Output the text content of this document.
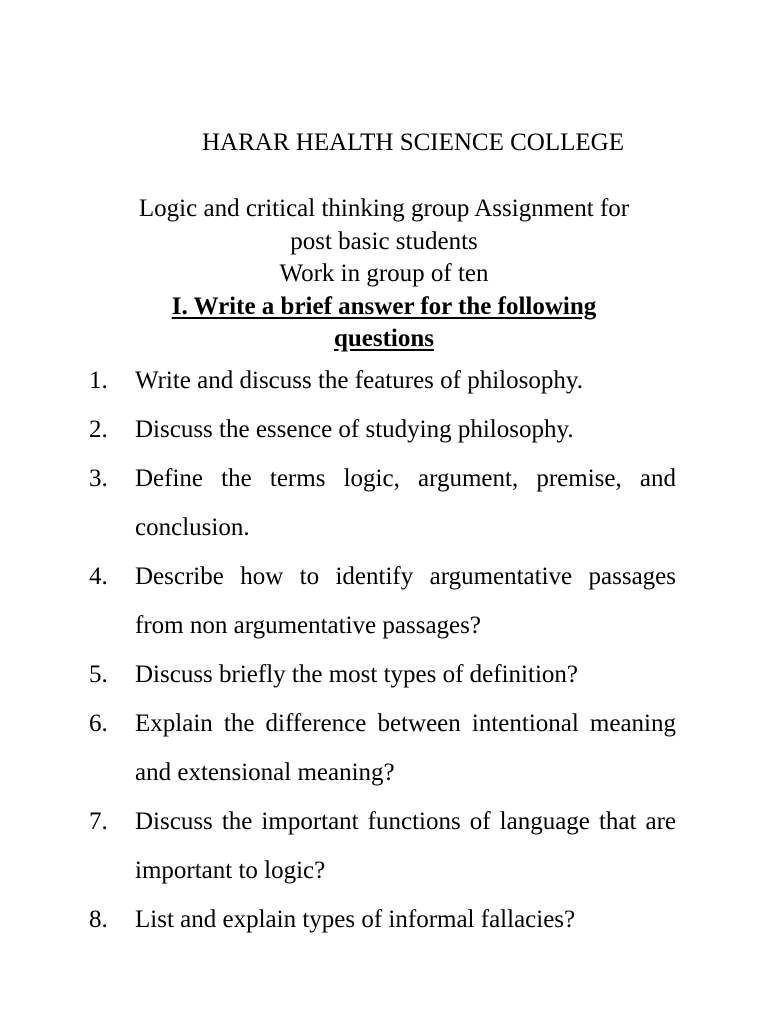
HARAR HEALTH SCIENCE COLLEGE
Logic and critical thinking group Assignment for
post basic students
Work in group of ten
I. Write a brief answer for the following
questions
1. Write and discuss the features of philosophy.
2. Discuss the essence of studying philosophy.
3. Define the terms logic, argument, premise, and conclusion.
4. Describe how to identify argumentative passages from non argumentative passages?
5. Discuss briefly the most types of definition?
6. Explain the difference between intentional meaning and extensional meaning?
7. Discuss the important functions of language that are important to logic?
8. List and explain types of informal fallacies?
